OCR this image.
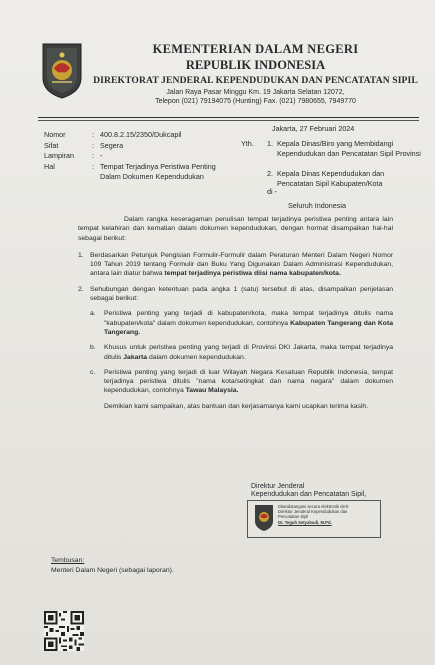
KEMENTERIAN DALAM NEGERI
REPUBLIK INDONESIA
DIREKTORAT JENDERAL KEPENDUDUKAN DAN PENCATATAN SIPIL
Jalan Raya Pasar Minggu Km. 19 Jakarta Selatan 12072,
Telepon (021) 79194075 (Hunting) Fax. (021) 7980655, 7949770
Nomor	: 400.8.2.15/2350/Dukcapil
Sifat	: Segera
Lampiran	: -
Hal	: Tempat Terjadinya Peristiwa Penting Dalam Dokumen Kependudukan
Jakarta, 27 Februari 2024
Yth. 1. Kepala Dinas/Biro yang Membidangi Kependudukan dan Pencatatan Sipil Provinsi
2. Kepala Dinas Kependudukan dan Pencatatan Sipil Kabupaten/Kota
di -
Seluruh Indonesia

Dalam rangka keseragaman penulisan tempat terjadinya peristiwa penting antara lain tempat kelahiran dan kematian dalam dokumen kependudukan, dengan hormat disampaikan hal-hal sebagai berikut:

1. Berdasarkan Petunjuk Pengisian Formulir-Formulir dalam Peraturan Menteri Dalam Negeri Nomor 109 Tahun 2019 tentang Formulir dan Buku Yang Digunakan Dalam Administrasi Kependudukan, antara lain diatur bahwa tempat terjadinya peristiwa diisi nama kabupaten/kota.
2. Sehubungan dengan ketentuan pada angka 1 (satu) tersebut di atas, disampaikan penjelasan sebagai berikut:
a.	Peristiwa penting yang terjadi di kabupaten/kota, maka tempat terjadinya ditulis nama "kabupaten/kota" dalam dokumen kependudukan, contohnya Kabupaten Tangerang dan Kota Tangerang.
b.	Khusus untuk peristiwa penting yang terjadi di Provinsi DKI Jakarta, maka tempat terjadinya ditulis Jakarta dalam dokumen kependudukan.
c.	Peristiwa penting yang terjadi di luar Wilayah Negara Kesatuan Republik Indonesia, tempat terjadinya peristiwa ditulis "nama kota/setingkat dan nama negara" dalam dokumen kependudukan, contohnya Tawau Malaysia.

Demikian kami sampaikan, atas bantuan dan kerjasamanya kami ucapkan terima kasih.

Direktur Jenderal
Kependudukan dan Pencatatan Sipil,
Ditandatangani secara elektronik oleh:
Direktur Jenderal Kependudukan dan
Pencatatan Sipil
Dr. Teguh Setyabudi, M.Pd.
Tembusan:
Menteri Dalam Negeri (sebagai laporan).
